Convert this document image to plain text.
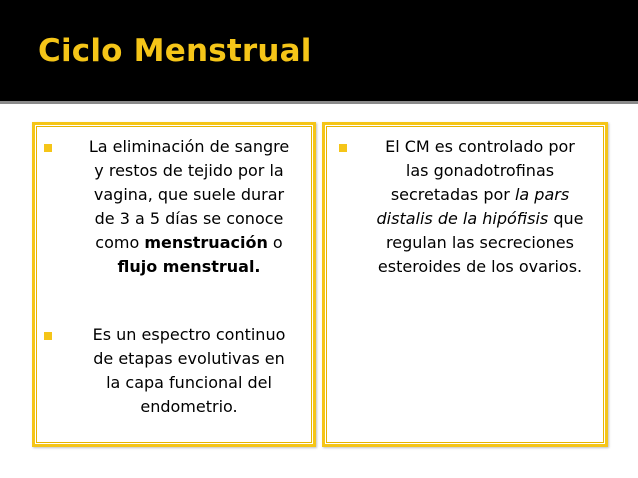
Ciclo Menstrual
La eliminación de sangre
y restos de tejido por la
vagina, que suele durar
de 3 a 5 días se conoce
como menstruación o
flujo menstrual.
Es un espectro continuo
de etapas evolutivas en
la capa funcional del
endometrio.
El CM es controlado por
las gonadotrofinas
secretadas por la pars
distalis de la hipófisis que
regulan las secreciones
esteroides de los ovarios.
